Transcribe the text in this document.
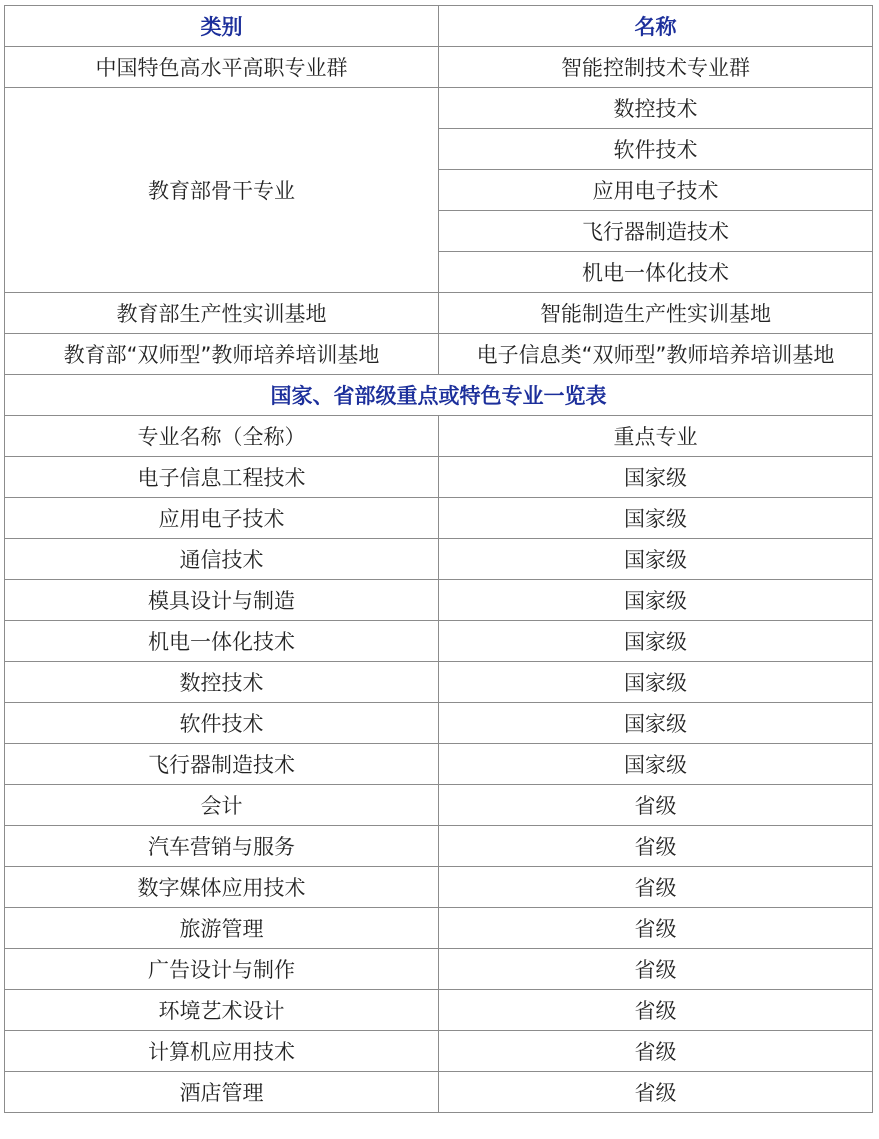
类别	名称
中国特色高水平高职专业群	智能控制技术专业群
教育部骨干专业	数控技术
	软件技术
	应用电子技术
	飞行器制造技术
	机电一体化技术
教育部生产性实训基地	智能制造生产性实训基地
教育部“双师型”教师培养培训基地	电子信息类“双师型”教师培养培训基地
国家、省部级重点或特色专业一览表	
专业名称（全称）	重点专业
电子信息工程技术	国家级
应用电子技术	国家级
通信技术	国家级
模具设计与制造	国家级
机电一体化技术	国家级
数控技术	国家级
软件技术	国家级
飞行器制造技术	国家级
会计	省级
汽车营销与服务	省级
数字媒体应用技术	省级
旅游管理	省级
广告设计与制作	省级
环境艺术设计	省级
计算机应用技术	省级
酒店管理	省级
